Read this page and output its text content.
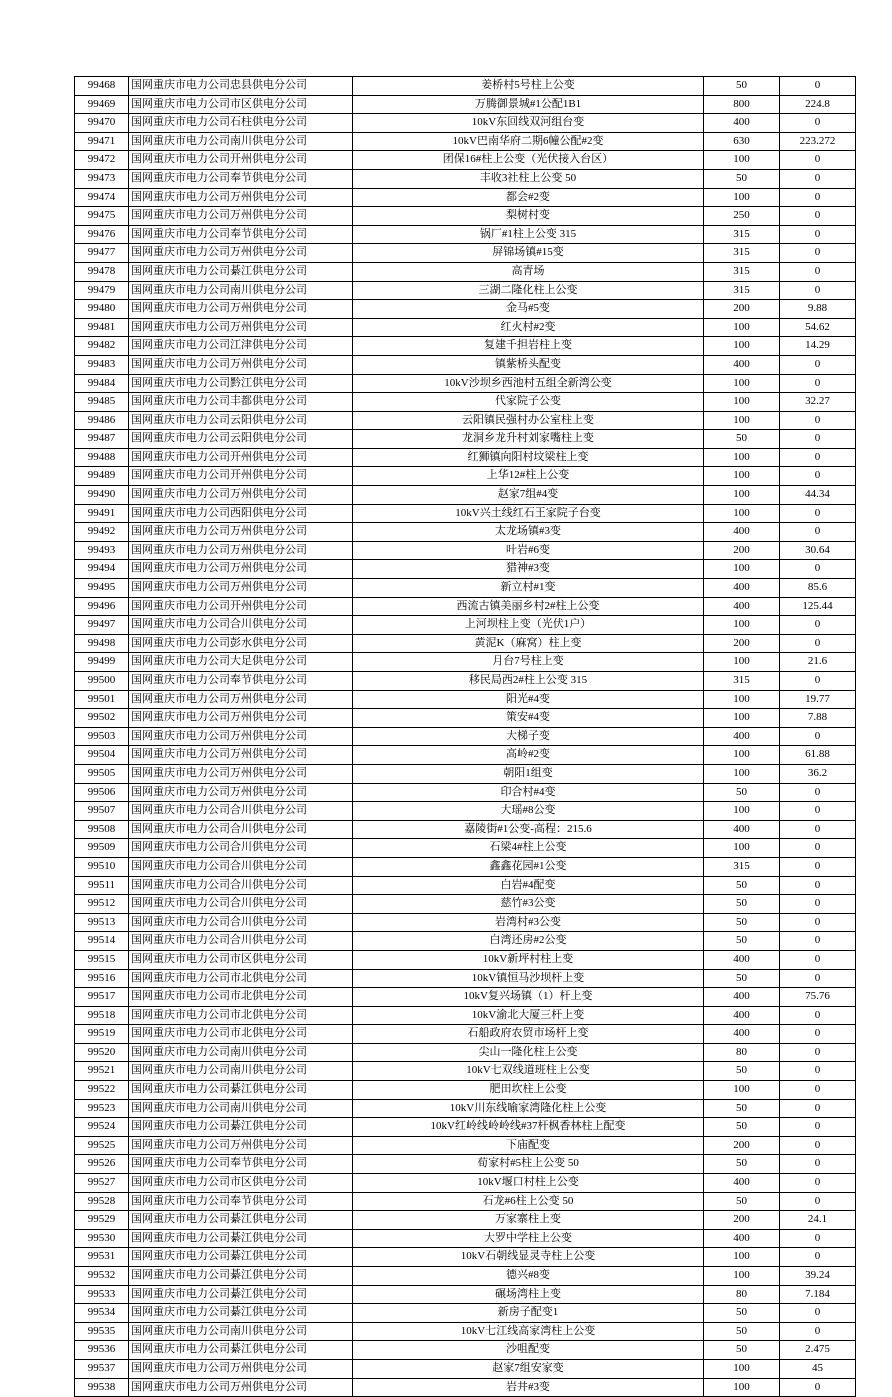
99468	国网重庆市电力公司忠县供电分公司	姜桥村5号柱上公变	50	0
99469	国网重庆市电力公司市区供电分公司	万腾御景城#1公配1B1	800	224.8
99470	国网重庆市电力公司石柱供电分公司	10kV东回线双河组台变	400	0
99471	国网重庆市电力公司南川供电分公司	10kV巴南华府二期6幢公配#2变	630	223.272
99472	国网重庆市电力公司开州供电分公司	团保16#柱上公变（光伏接入台区）	100	0
99473	国网重庆市电力公司奉节供电分公司	丰收3社柱上公变 50	50	0
99474	国网重庆市电力公司万州供电分公司	都会#2变	100	0
99475	国网重庆市电力公司万州供电分公司	梨树村变	250	0
99476	国网重庆市电力公司奉节供电分公司	锅厂#1柱上公变 315	315	0
99477	国网重庆市电力公司万州供电分公司	屏锦场镇#15变	315	0
99478	国网重庆市电力公司綦江供电分公司	高青场	315	0
99479	国网重庆市电力公司南川供电分公司	三湖二隆化柱上公变	315	0
99480	国网重庆市电力公司万州供电分公司	金马#5变	200	9.88
99481	国网重庆市电力公司万州供电分公司	红火村#2变	100	54.62
99482	国网重庆市电力公司江津供电分公司	复建千担岩柱上变	100	14.29
99483	国网重庆市电力公司万州供电分公司	镇紫桥头配变	400	0
99484	国网重庆市电力公司黔江供电分公司	10kV沙坝乡西池村五组全新湾公变	100	0
99485	国网重庆市电力公司丰都供电分公司	代家院子公变	100	32.27
99486	国网重庆市电力公司云阳供电分公司	云阳镇民强村办公室柱上变	100	0
99487	国网重庆市电力公司云阳供电分公司	龙洞乡龙升村刘家嘴柱上变	50	0
99488	国网重庆市电力公司开州供电分公司	红狮镇向阳村坟梁柱上变	100	0
99489	国网重庆市电力公司开州供电分公司	上华12#柱上公变	100	0
99490	国网重庆市电力公司万州供电分公司	赵家7组#4变	100	44.34
99491	国网重庆市电力公司西阳供电分公司	10kV兴土线红石王家院子台变	100	0
99492	国网重庆市电力公司万州供电分公司	太龙场镇#3变	400	0
99493	国网重庆市电力公司万州供电分公司	叶岩#6变	200	30.64
99494	国网重庆市电力公司万州供电分公司	猎神#3变	100	0
99495	国网重庆市电力公司万州供电分公司	新立村#1变	400	85.6
99496	国网重庆市电力公司开州供电分公司	西流古镇美丽乡村2#柱上公变	400	125.44
99497	国网重庆市电力公司合川供电分公司	上河坝柱上变（光伏1户）	100	0
99498	国网重庆市电力公司彭水供电分公司	黄泥K（麻窝）柱上变	200	0
99499	国网重庆市电力公司大足供电分公司	月台7号柱上变	100	21.6
99500	国网重庆市电力公司奉节供电分公司	移民局西2#柱上公变 315	315	0
99501	国网重庆市电力公司万州供电分公司	阳光#4变	100	19.77
99502	国网重庆市电力公司万州供电分公司	策安#4变	100	7.88
99503	国网重庆市电力公司万州供电分公司	大梯子变	400	0
99504	国网重庆市电力公司万州供电分公司	高岭#2变	100	61.88
99505	国网重庆市电力公司万州供电分公司	朝阳1组变	100	36.2
99506	国网重庆市电力公司万州供电分公司	印合村#4变	50	0
99507	国网重庆市电力公司合川供电分公司	大瑶#8公变	100	0
99508	国网重庆市电力公司合川供电分公司	嘉陵街#1公变-高程：215.6	400	0
99509	国网重庆市电力公司合川供电分公司	石梁4#柱上公变	100	0
99510	国网重庆市电力公司合川供电分公司	鑫鑫花园#1公变	315	0
99511	国网重庆市电力公司合川供电分公司	白岩#4配变	50	0
99512	国网重庆市电力公司合川供电分公司	慈竹#3公变	50	0
99513	国网重庆市电力公司合川供电分公司	岩湾村#3公变	50	0
99514	国网重庆市电力公司合川供电分公司	白湾还房#2公变	50	0
99515	国网重庆市电力公司市区供电分公司	10kV新坪村柱上变	400	0
99516	国网重庆市电力公司市北供电分公司	10kV镇恒马沙坝杆上变	50	0
99517	国网重庆市电力公司市北供电分公司	10kV复兴场镇（1）杆上变	400	75.76
99518	国网重庆市电力公司市北供电分公司	10kV渝北大厦三杆上变	400	0
99519	国网重庆市电力公司市北供电分公司	石船政府农贸市场杆上变	400	0
99520	国网重庆市电力公司南川供电分公司	尖山一隆化柱上公变	80	0
99521	国网重庆市电力公司南川供电分公司	10kV七双线道班柱上公变	50	0
99522	国网重庆市电力公司綦江供电分公司	肥田坎柱上公变	100	0
99523	国网重庆市电力公司南川供电分公司	10kV川东线喻家湾隆化柱上公变	50	0
99524	国网重庆市电力公司綦江供电分公司	10kV红岭线岭岭线#37杆枫香林柱上配变	50	0
99525	国网重庆市电力公司万州供电分公司	下庙配变	200	0
99526	国网重庆市电力公司奉节供电分公司	荀家村#5柱上公变 50	50	0
99527	国网重庆市电力公司市区供电分公司	10kV堰口村柱上公变	400	0
99528	国网重庆市电力公司奉节供电分公司	石龙#6柱上公变 50	50	0
99529	国网重庆市电力公司綦江供电分公司	万家寨柱上变	200	24.1
99530	国网重庆市电力公司綦江供电分公司	大罗中学柱上公变	400	0
99531	国网重庆市电力公司綦江供电分公司	10kV石朝线显灵寺柱上公变	100	0
99532	国网重庆市电力公司綦江供电分公司	德兴#8变	100	39.24
99533	国网重庆市电力公司綦江供电分公司	碾场湾柱上变	80	7.184
99534	国网重庆市电力公司綦江供电分公司	新房子配变1	50	0
99535	国网重庆市电力公司南川供电分公司	10kV七江线高家湾柱上公变	50	0
99536	国网重庆市电力公司綦江供电分公司	沙咀配变	50	2.475
99537	国网重庆市电力公司万州供电分公司	赵家7组安家变	100	45
99538	国网重庆市电力公司万州供电分公司	岩井#3变	100	0
